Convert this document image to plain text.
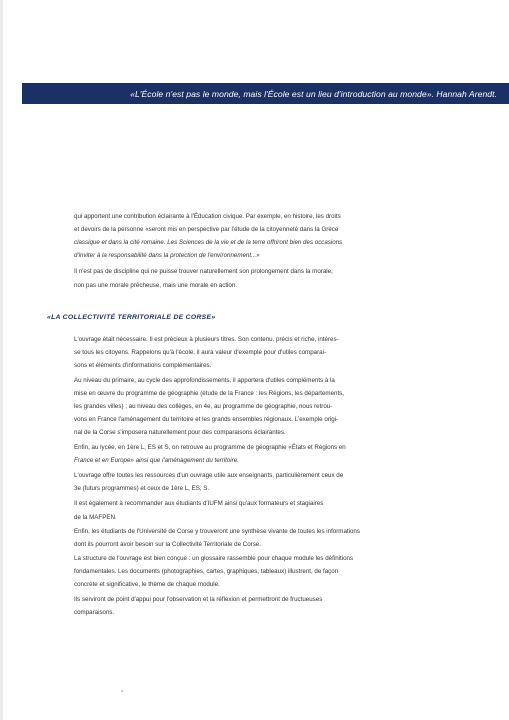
«L'École n'est pas le monde, mais l'École est un lieu d'introduction au monde». Hannah Arendt.
qui apportent une contribution éclairante à l'Éducation civique. Par exemple, en histoire, les droits
et devoirs de la personne «seront mis en perspective par l'étude de la citoyenneté dans la Grèce
classique et dans la cité romaine. Les Sciences de la vie et de la terre offriront bien des occasions
d'inviter à la responsabilité dans la protection de l'environnement...»
Il n'est pas de discipline qui ne puisse trouver naturellement son prolongement dans la morale,
non pas une morale prêcheuse, mais une morale en action.
«LA COLLECTIVITÉ TERRITORIALE DE CORSE»
L'ouvrage était nécessaire. Il est précieux à plusieurs titres. Son contenu, précis et riche, intéres-
se tous les citoyens. Rappelons qu'à l'école, il aura valeur d'exemple pour d'utiles comparai-
sons et éléments d'informations complémentaires.
Au niveau du primaire, au cycle des approfondissements, il apportera d'utiles compléments à la
mise en œuvre du programme de géographie (étude de la France : les Régions, les départements,
les grandes villes) ; au niveau des collèges, en 4e, au programme de géographie, nous retrou-
vons en France l'aménagement du territoire et les grands ensembles régionaux. L'exemple origi-
nal de la Corse s'imposera naturellement pour des comparaisons éclairantes.
Enfin, au lycée, en 1ère L, ES et S, on retrouve au programme de géographie «États et Régions en
France et en Europe» ainsi que l'aménagement du territoire.
L'ouvrage offre toutes les ressources d'un ouvrage utile aux enseignants, particulièrement ceux de
3e (futurs programmes) et ceux de 1ère L, ES, S.
Il est également à recommander aux étudiants d'IUFM ainsi qu'aux formateurs et stagiaires
de la MAFPEN.
Enfin, les étudiants de l'Université de Corse y trouveront une synthèse vivante de toutes les informations
dont ils pourront avoir besoin sur la Collectivité Territoriale de Corse.
La structure de l'ouvrage est bien conçue : un glossaire rassemble pour chaque module les définitions
fondamentales. Les documents (photographies, cartes, graphiques, tableaux) illustrent, de façon
concrète et significative, le thème de chaque module.
Ils serviront de point d'appui pour l'observation et la réflexion et permettront de fructueuses
comparaisons.
